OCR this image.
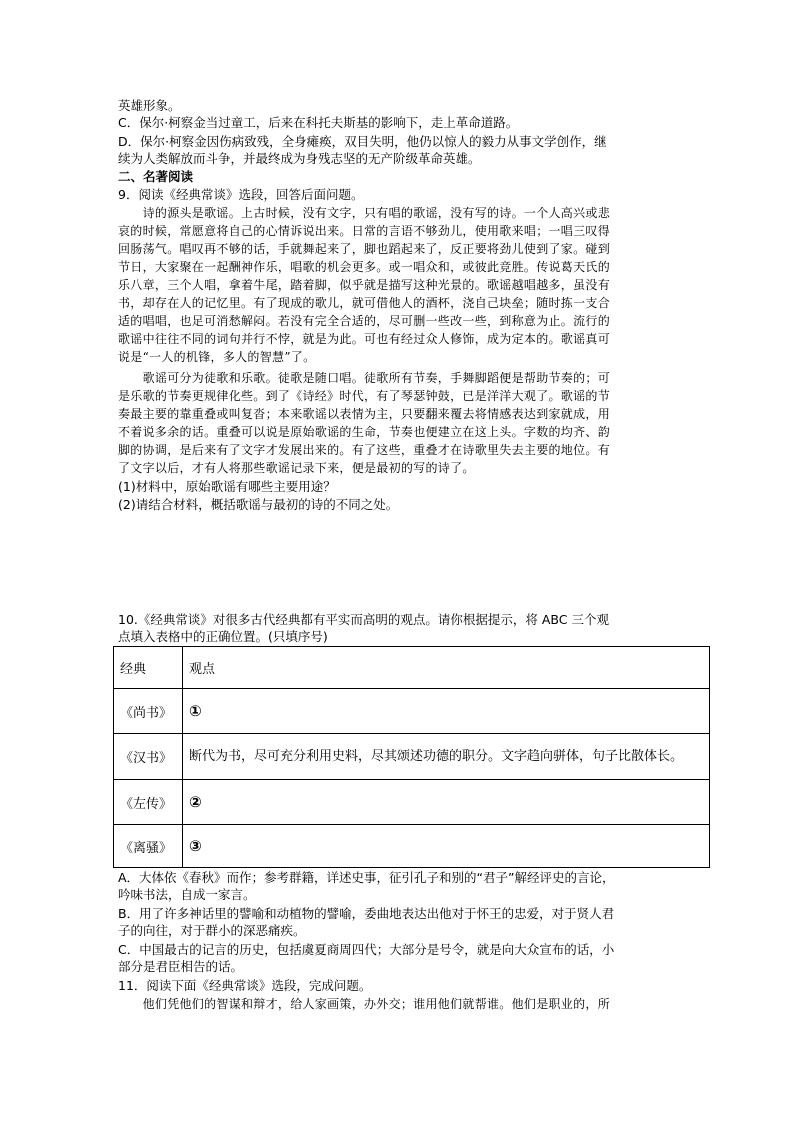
英雄形象。
C．保尔·柯察金当过童工，后来在科托夫斯基的影响下，走上革命道路。
D．保尔·柯察金因伤病致残，全身瘫痪，双目失明，他仍以惊人的毅力从事文学创作，继
续为人类解放而斗争，并最终成为身残志坚的无产阶级革命英雄。
二、名著阅读
9．阅读《经典常谈》选段，回答后面问题。
　　诗的源头是歌谣。上古时候，没有文字，只有唱的歌谣，没有写的诗。一个人高兴或悲
哀的时候，常愿意将自己的心情诉说出来。日常的言语不够劲儿，使用歌来唱；一唱三叹得
回肠荡气。唱叹再不够的话，手就舞起来了，脚也蹈起来了，反正要将劲儿使到了家。碰到
节日，大家聚在一起酬神作乐，唱歌的机会更多。或一唱众和，或彼此竞胜。传说葛天氏的
乐八章，三个人唱，拿着牛尾，踏着脚，似乎就是描写这种光景的。歌谣越唱越多，虽没有
书，却存在人的记忆里。有了现成的歌儿，就可借他人的酒杯，浇自己块垒；随时拣一支合
适的唱唱，也足可消愁解闷。若没有完全合适的，尽可删一些改一些，到称意为止。流行的
歌谣中往往不同的词句并行不悖，就是为此。可也有经过众人修饰，成为定本的。歌谣真可
说是“一人的机锋，多人的智慧”了。
　　歌谣可分为徒歌和乐歌。徒歌是随口唱。徒歌所有节奏，手舞脚蹈便是帮助节奏的；可
是乐歌的节奏更规律化些。到了《诗经》时代，有了琴瑟钟鼓，已是洋洋大观了。歌谣的节
奏最主要的靠重叠或叫复沓；本来歌谣以表情为主，只要翻来覆去将情感表达到家就成，用
不着说多余的话。重叠可以说是原始歌谣的生命，节奏也便建立在这上头。字数的均齐、韵
脚的协调，是后来有了文字才发展出来的。有了这些，重叠才在诗歌里失去主要的地位。有
了文字以后，才有人将那些歌谣记录下来，便是最初的写的诗了。
(1)材料中，原始歌谣有哪些主要用途？
(2)请结合材料，概括歌谣与最初的诗的不同之处。
10.《经典常谈》对很多古代经典都有平实而高明的观点。请你根据提示，将 ABC 三个观
点填入表格中的正确位置。(只填序号)
经典	观点
《尚书》	①
《汉书》	断代为书，尽可充分利用史料，尽其颂述功德的职分。文字趋向骈体，句子比散体长。
《左传》	②
《离骚》	③
A．大体依《春秋》而作；参考群籍，详述史事，征引孔子和别的“君子”解经评史的言论，
吟味书法，自成一家言。
B．用了许多神话里的譬喻和动植物的譬喻，委曲地表达出他对于怀王的忠爱，对于贤人君
子的向往，对于群小的深恶痛疾。
C．中国最古的记言的历史，包括虞夏商周四代；大部分是号令，就是向大众宣布的话，小
部分是君臣相告的话。
11．阅读下面《经典常谈》选段，完成问题。
　　他们凭他们的智谋和辩才，给人家画策，办外交；谁用他们就帮谁。他们是职业的，所
